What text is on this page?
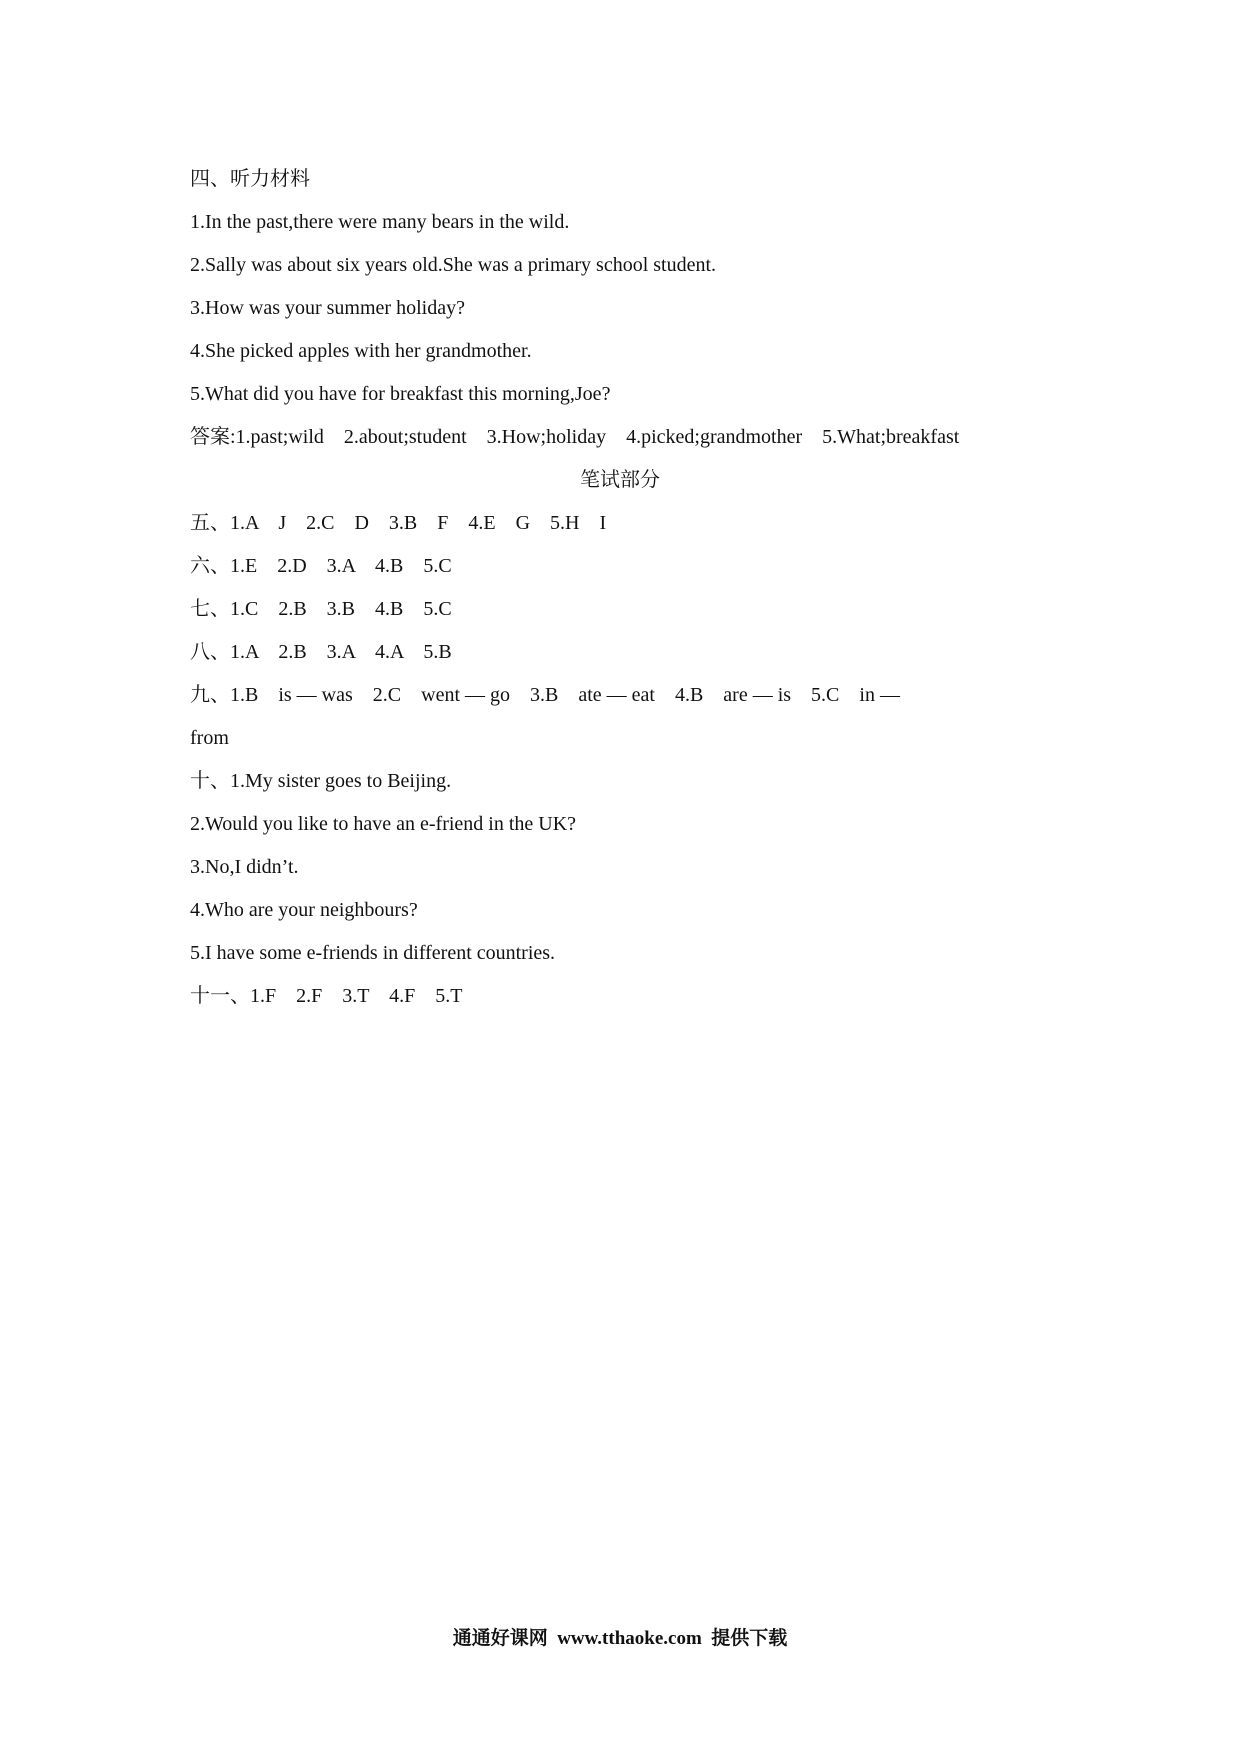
四、听力材料
1.In the past,there were many bears in the wild.
2.Sally was about six years old.She was a primary school student.
3.How was your summer holiday?
4.She picked apples with her grandmother.
5.What did you have for breakfast this morning,Joe?
答案:1.past;wild    2.about;student    3.How;holiday    4.picked;grandmother    5.What;breakfast
笔试部分
五、1.A    J    2.C    D    3.B    F    4.E    G    5.H    I
六、1.E    2.D    3.A    4.B    5.C
七、1.C    2.B    3.B    4.B    5.C
八、1.A    2.B    3.A    4.A    5.B
九、1.B    is — was    2.C    went — go    3.B    ate — eat    4.B    are — is    5.C    in —
from
十、1.My sister goes to Beijing.
2.Would you like to have an e-friend in the UK?
3.No,I didn’t.
4.Who are your neighbours?
5.I have some e-friends in different countries.
十一、1.F    2.F    3.T    4.F    5.T
通通好课网  www.tthaoke.com  提供下载
